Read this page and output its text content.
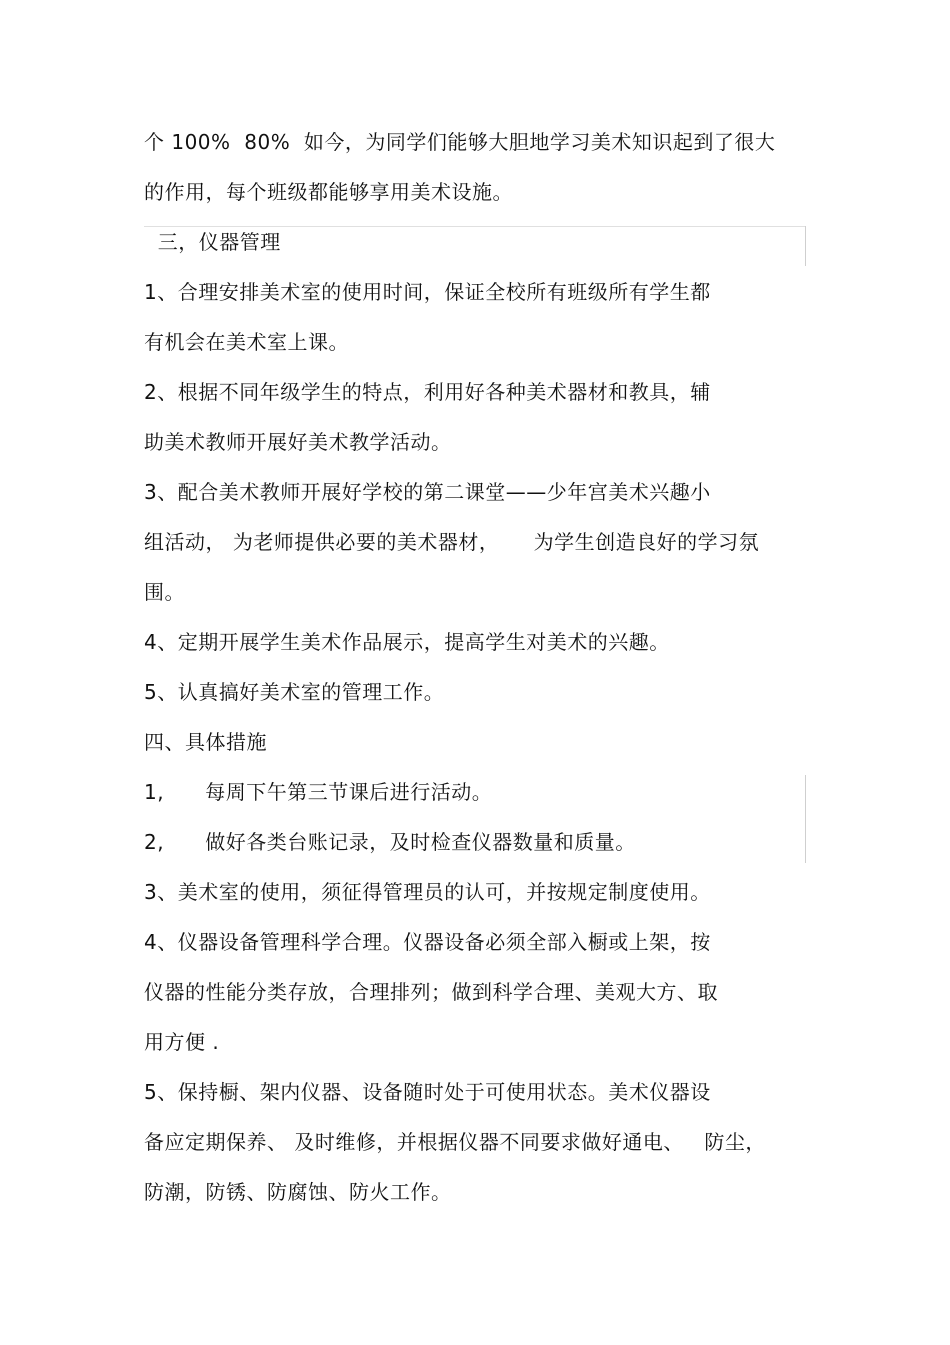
个 100%  80%  如今，为同学们能够大胆地学习美术知识起到了很大
的作用，每个班级都能够享用美术设施。
三，仪器管理
1、合理安排美术室的使用时间，保证全校所有班级所有学生都
有机会在美术室上课。
2、根据不同年级学生的特点，利用好各种美术器材和教具，辅
助美术教师开展好美术教学活动。
3、配合美术教师开展好学校的第二课堂——少年宫美术兴趣小
组活动， 为老师提供必要的美术器材，     为学生创造良好的学习氛
围。
4、定期开展学生美术作品展示，提高学生对美术的兴趣。
5、认真搞好美术室的管理工作。
四、具体措施
1,      每周下午第三节课后进行活动。
2,      做好各类台账记录，及时检查仪器数量和质量。
3、美术室的使用，须征得管理员的认可，并按规定制度使用。
4、仪器设备管理科学合理。仪器设备必须全部入橱或上架，按
仪器的性能分类存放，合理排列；做到科学合理、美观大方、取
用方便 .
5、保持橱、架内仪器、设备随时处于可使用状态。美术仪器设
备应定期保养、 及时维修，并根据仪器不同要求做好通电、   防尘，
防潮，防锈、防腐蚀、防火工作。
